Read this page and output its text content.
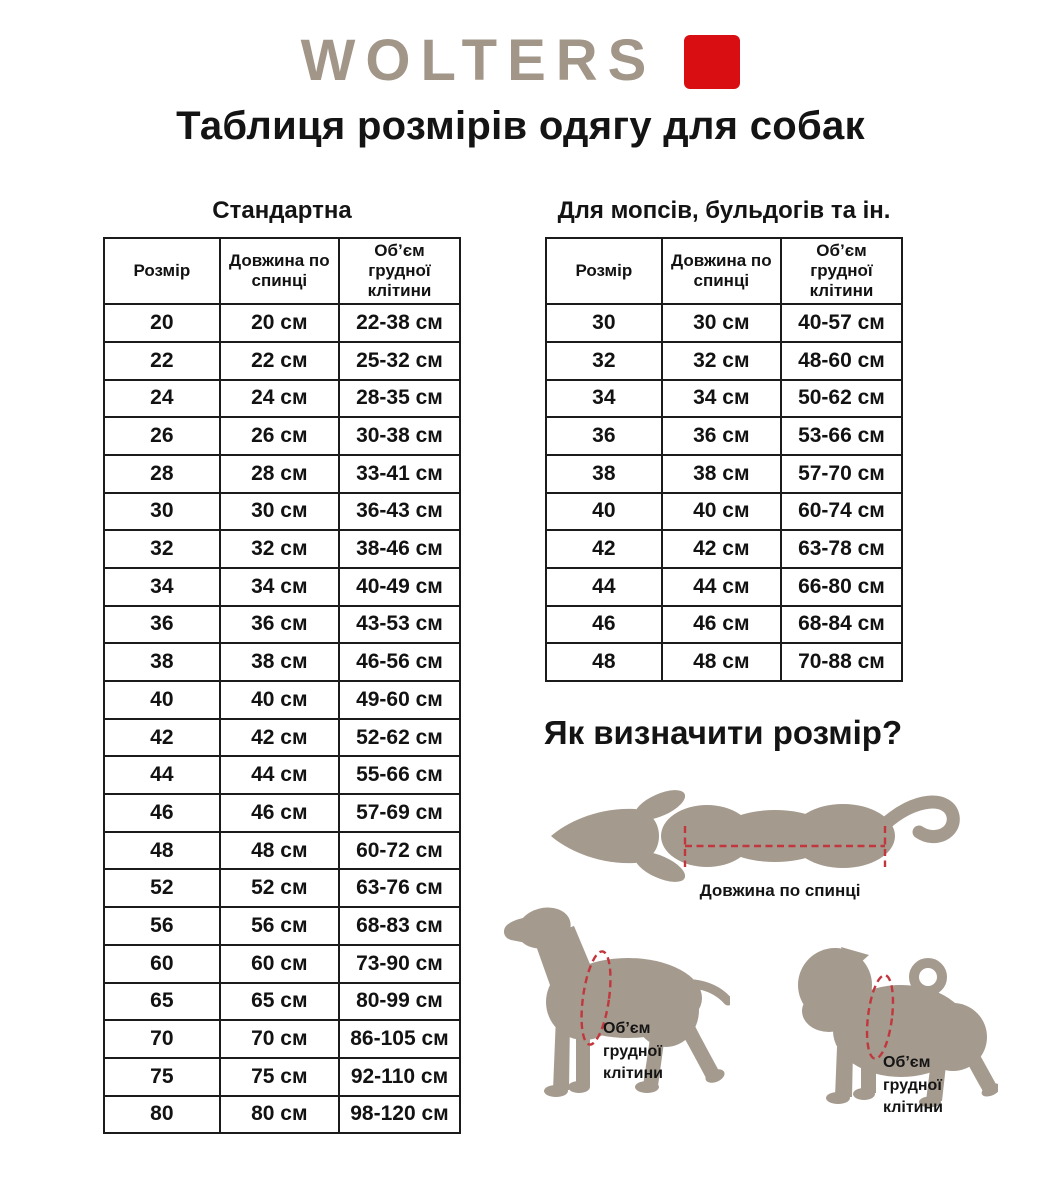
WOLTERS
Таблиця розмірів одягу для собак
Стандартна
Розмір	Довжина по спинці	Об’єм грудної клітини
20	20 см	22-38 см
22	22 см	25-32 см
24	24 см	28-35 см
26	26 см	30-38 см
28	28 см	33-41 см
30	30 см	36-43 см
32	32 см	38-46 см
34	34 см	40-49 см
36	36 см	43-53 см
38	38 см	46-56 см
40	40 см	49-60 см
42	42 см	52-62 см
44	44 см	55-66 см
46	46 см	57-69 см
48	48 см	60-72 см
52	52 см	63-76 см
56	56 см	68-83 см
60	60 см	73-90 см
65	65 см	80-99 см
70	70 см	86-105 см
75	75 см	92-110 см
80	80 см	98-120 см
Для мопсів, бульдогів та ін.
Розмір	Довжина по спинці	Об’єм грудної клітини
30	30 см	40-57 см
32	32 см	48-60 см
34	34 см	50-62 см
36	36 см	53-66 см
38	38 см	57-70 см
40	40 см	60-74 см
42	42 см	63-78 см
44	44 см	66-80 см
46	46 см	68-84 см
48	48 см	70-88 см
Як визначити розмір?
Довжина по спинці
Об’єм грудної клітини
Об’єм грудної клітини
